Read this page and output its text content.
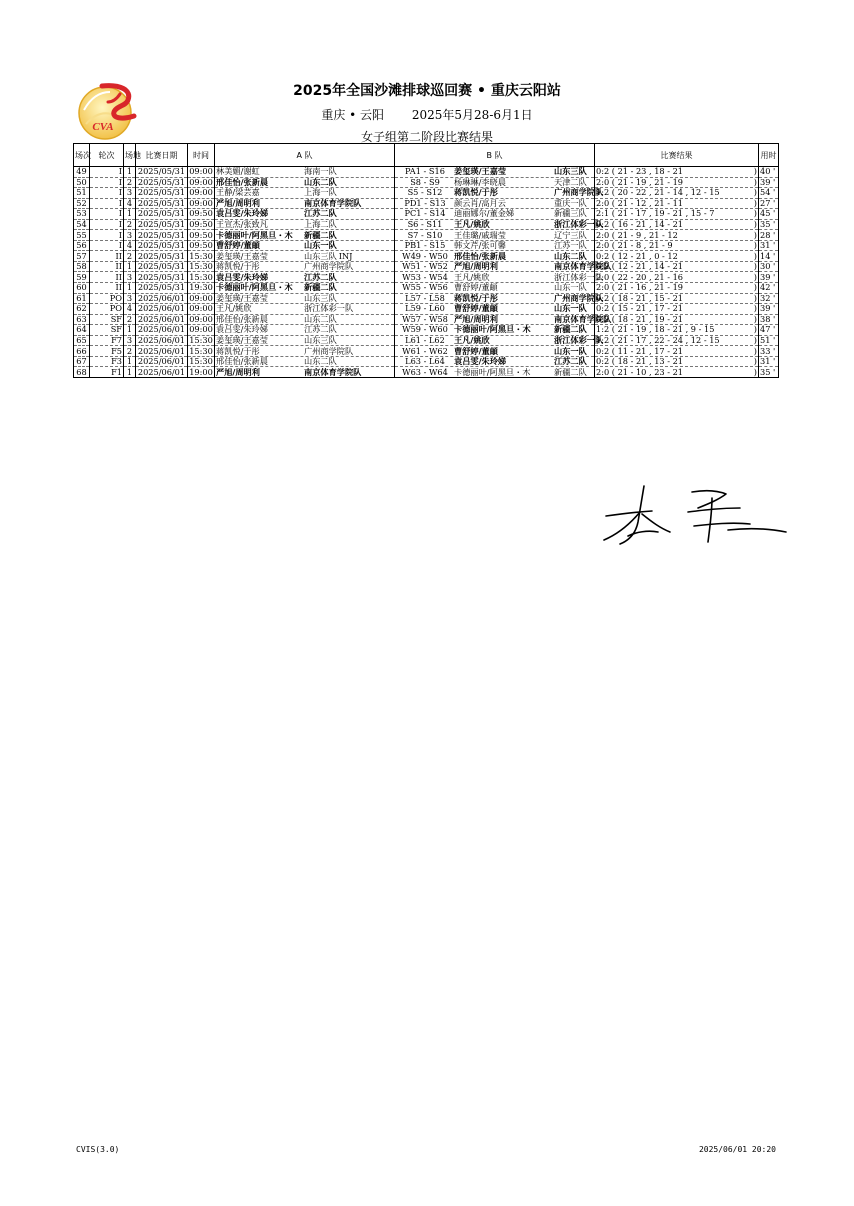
CVA
2025年全国沙滩排球巡回赛 • 重庆云阳站
重庆 • 云阳 2025年5月28-6月1日
女子组第二阶段比赛结果
场次	轮次	场地	比赛日期	时间	A 队	B 队	比赛结果	用时
49	I	1	2025/05/31	09:00	林美媚/谢虹 海南一队	PA1 - S16 姜玺瑛/王嘉莹 山东三队	0:2 ( 21 - 23 , 18 - 21 )	40 '
50	I	2	2025/05/31	09:00	邢佳怡/张新晨 山东二队	S8 - S9 杨琳琳/李晓晨 天津二队	2:0 ( 21 - 19 , 21 - 19 )	39 '
51	I	3	2025/05/31	09:00	王静/梁芸嘉 上海一队	S5 - S12 蒋凯悦/于彤 广州商学院队	1:2 ( 20 - 22 , 21 - 14 , 12 - 15 )	54 '
52	I	4	2025/05/31	09:00	严旭/周明利 南京体育学院队	PD1 - S13 颜云肖/高月云 重庆一队	2:0 ( 21 - 12 , 21 - 11 )	27 '
53	I	1	2025/05/31	09:50	袁吕雯/朱玲娣 江苏二队	PC1 - S14 迪丽娜尔/董金娣 新疆三队	2:1 ( 21 - 17 , 19 - 21 , 15 - 7 )	45 '
54	I	2	2025/05/31	09:50	王宣杰/张致凡 上海二队	S6 - S11 王凡/姚欣 浙江体彩一队	0:2 ( 16 - 21 , 14 - 21 )	35 '
55	I	3	2025/05/31	09:50	卡德丽叶/阿黑旦・木 新疆二队	S7 - S10 王佳璐/戚瑞莹 辽宁三队	2:0 ( 21 - 9 , 21 - 12 )	28 '
56	I	4	2025/05/31	09:50	曹舒婷/董頔 山东一队	PB1 - S15 韩文芹/张可馨 江苏一队	2:0 ( 21 - 8 , 21 - 9 )	31 '
57	II	2	2025/05/31	15:30	姜玺瑛/王嘉莹 山东三队 INJ	W49 - W50 邢佳怡/张新晨 山东二队	0:2 ( 12 - 21 , 0 - 12 )	14 '
58	II	1	2025/05/31	15:30	蒋凯悦/于彤 广州商学院队	W51 - W52 严旭/周明利 南京体育学院队	0:2 ( 12 - 21 , 14 - 21 )	30 '
59	II	3	2025/05/31	15:30	袁吕雯/朱玲娣 江苏二队	W53 - W54 王凡/姚欣 浙江体彩一队	2:0 ( 22 - 20 , 21 - 16 )	39 '
60	II	1	2025/05/31	19:30	卡德丽叶/阿黑旦・木 新疆二队	W55 - W56 曹舒婷/董頔 山东一队	2:0 ( 21 - 16 , 21 - 19 )	42 '
61	PO	3	2025/06/01	09:00	姜玺瑛/王嘉莹 山东三队	L57 - L58 蒋凯悦/于彤 广州商学院队	0:2 ( 18 - 21 , 15 - 21 )	32 '
62	PO	4	2025/06/01	09:00	王凡/姚欣 浙江体彩一队	L59 - L60 曹舒婷/董頔 山东一队	0:2 ( 15 - 21 , 17 - 21 )	39 '
63	SF	2	2025/06/01	09:00	邢佳怡/张新晨 山东二队	W57 - W58 严旭/周明利 南京体育学院队	0:2 ( 18 - 21 , 19 - 21 )	38 '
64	SF	1	2025/06/01	09:00	袁吕雯/朱玲娣 江苏二队	W59 - W60 卡德丽叶/阿黑旦・木 新疆二队	1:2 ( 21 - 19 , 18 - 21 , 9 - 15 )	47 '
65	F7	3	2025/06/01	15:30	姜玺瑛/王嘉莹 山东三队	L61 - L62 王凡/姚欣 浙江体彩一队	1:2 ( 21 - 17 , 22 - 24 , 12 - 15 )	51 '
66	F5	2	2025/06/01	15:30	蒋凯悦/于彤 广州商学院队	W61 - W62 曹舒婷/董頔 山东一队	0:2 ( 11 - 21 , 17 - 21 )	33 '
67	F3	1	2025/06/01	15:30	邢佳怡/张新晨 山东二队	L63 - L64 袁吕雯/朱玲娣 江苏二队	0:2 ( 18 - 21 , 13 - 21 )	31 '
68	F1	1	2025/06/01	19:00	严旭/周明利 南京体育学院队	W63 - W64 卡德丽叶/阿黑旦・木 新疆二队	2:0 ( 21 - 10 , 23 - 21 )	35 '
CVIS(3.0)	2025/06/01 20:20
